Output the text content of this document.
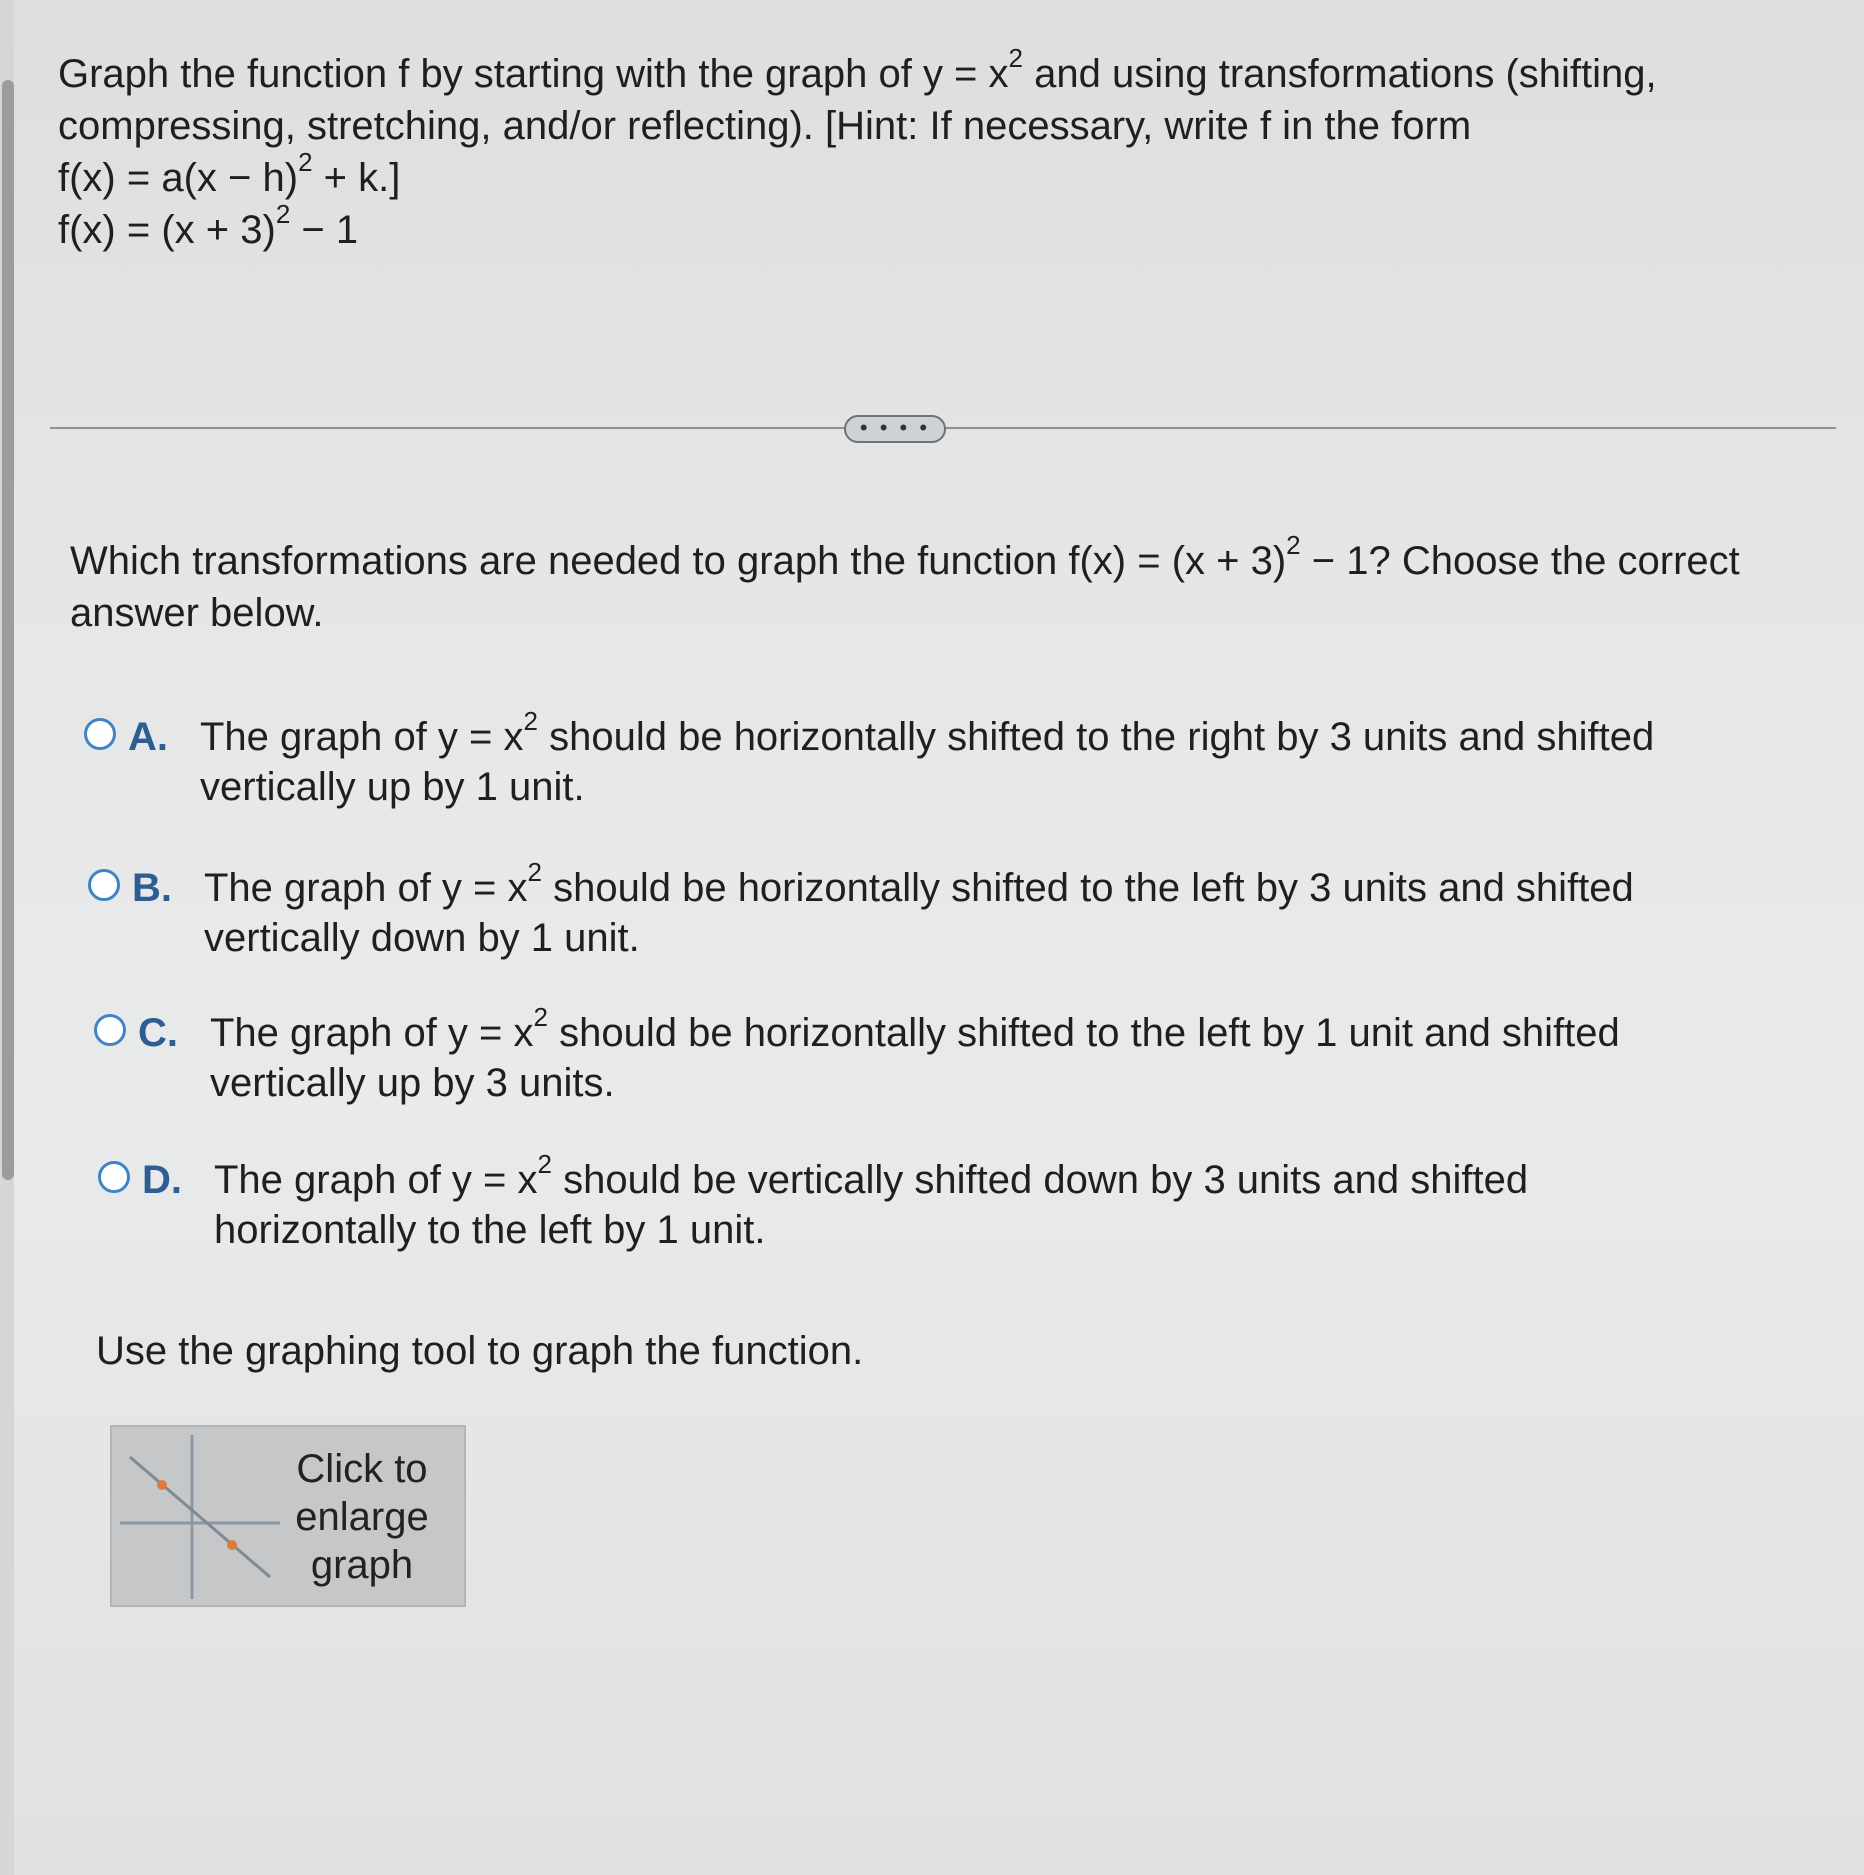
Graph the function f by starting with the graph of $y = x^2$ and using transformations (shifting, compressing, stretching, and/or reflecting). [Hint: If necessary, write f in the form

$f(x) = a(x - h)^2 + k$.]

$f(x) = (x + 3)^2 - 1$

• • • •
Which transformations are needed to graph the function $f(x) = (x + 3)^2 - 1$? Choose the correct answer below.
A. The graph of $y = x^2$ should be horizontally shifted to the right by 3 units and shifted vertically up by 1 unit.
B. The graph of $y = x^2$ should be horizontally shifted to the left by 3 units and shifted vertically down by 1 unit.
C. The graph of $y = x^2$ should be horizontally shifted to the left by 1 unit and shifted vertically up by 3 units.
D. The graph of $y = x^2$ should be vertically shifted down by 3 units and shifted horizontally to the left by 1 unit.
Use the graphing tool to graph the function.
Click to
enlarge
graph
